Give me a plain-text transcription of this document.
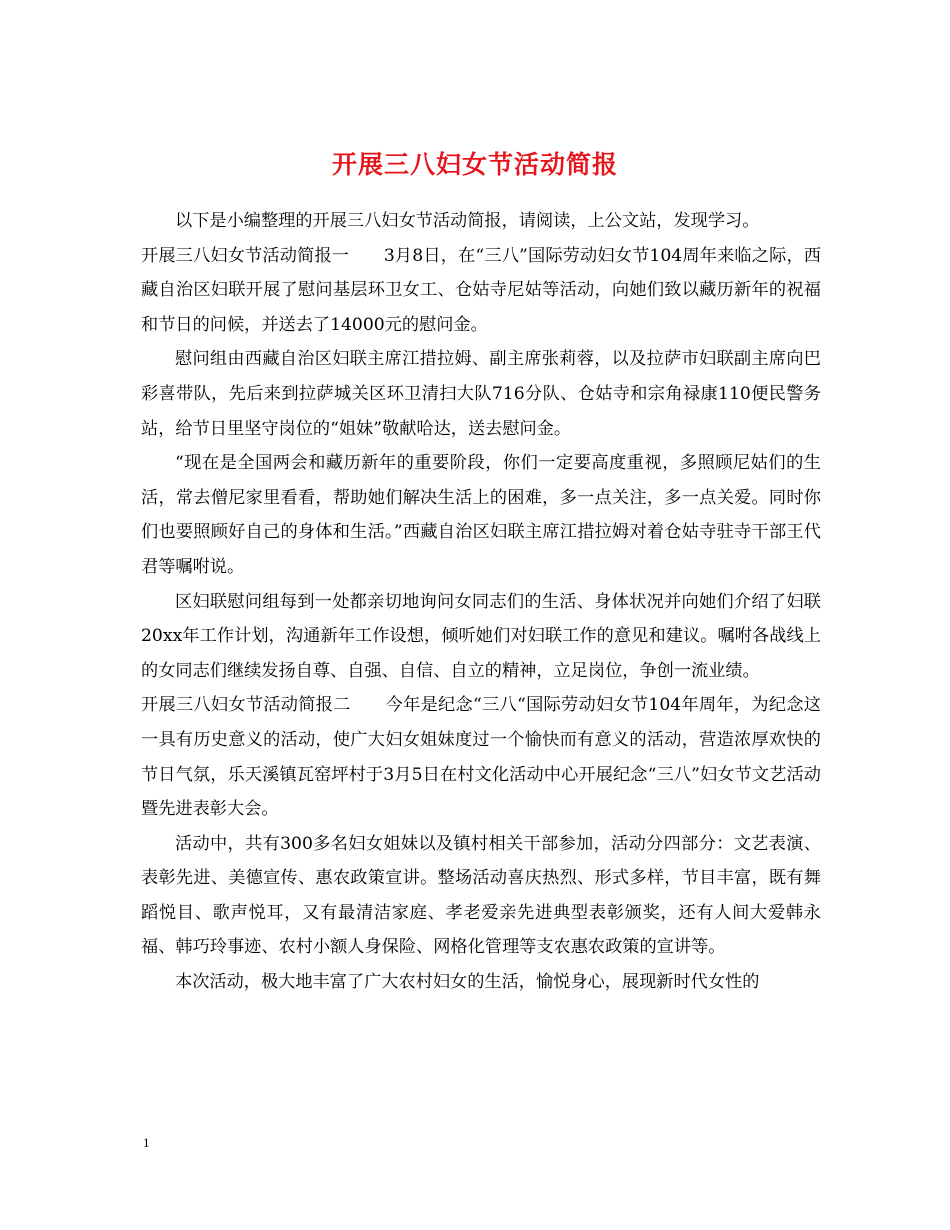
开展三八妇女节活动简报

以下是小编整理的开展三八妇女节活动简报，请阅读，上公文站，发现学习。

开展三八妇女节活动简报一　　3月8日，在“三八”国际劳动妇女节104周年来临之际，西藏自治区妇联开展了慰问基层环卫女工、仓姑寺尼姑等活动，向她们致以藏历新年的祝福和节日的问候，并送去了14000元的慰问金。

慰问组由西藏自治区妇联主席江措拉姆、副主席张莉蓉，以及拉萨市妇联副主席向巴彩喜带队，先后来到拉萨城关区环卫清扫大队716分队、仓姑寺和宗角禄康110便民警务站，给节日里坚守岗位的“姐妹”敬献哈达，送去慰问金。

“现在是全国两会和藏历新年的重要阶段，你们一定要高度重视，多照顾尼姑们的生活，常去僧尼家里看看，帮助她们解决生活上的困难，多一点关注，多一点关爱。同时你们也要照顾好自己的身体和生活。”西藏自治区妇联主席江措拉姆对着仓姑寺驻寺干部王代君等嘱咐说。

区妇联慰问组每到一处都亲切地询问女同志们的生活、身体状况并向她们介绍了妇联20xx年工作计划，沟通新年工作设想，倾听她们对妇联工作的意见和建议。嘱咐各战线上的女同志们继续发扬自尊、自强、自信、自立的精神，立足岗位，争创一流业绩。

开展三八妇女节活动简报二　　今年是纪念“三八“国际劳动妇女节104年周年，为纪念这一具有历史意义的活动，使广大妇女姐妹度过一个愉快而有意义的活动，营造浓厚欢快的节日气氛，乐天溪镇瓦窑坪村于3月5日在村文化活动中心开展纪念“三八”妇女节文艺活动暨先进表彰大会。

活动中，共有300多名妇女姐妹以及镇村相关干部参加，活动分四部分：文艺表演、表彰先进、美德宣传、惠农政策宣讲。整场活动喜庆热烈、形式多样，节目丰富，既有舞蹈悦目、歌声悦耳，又有最清洁家庭、孝老爱亲先进典型表彰颁奖，还有人间大爱韩永福、韩巧玲事迹、农村小额人身保险、网格化管理等支农惠农政策的宣讲等。

本次活动，极大地丰富了广大农村妇女的生活，愉悦身心，展现新时代女性的

1
